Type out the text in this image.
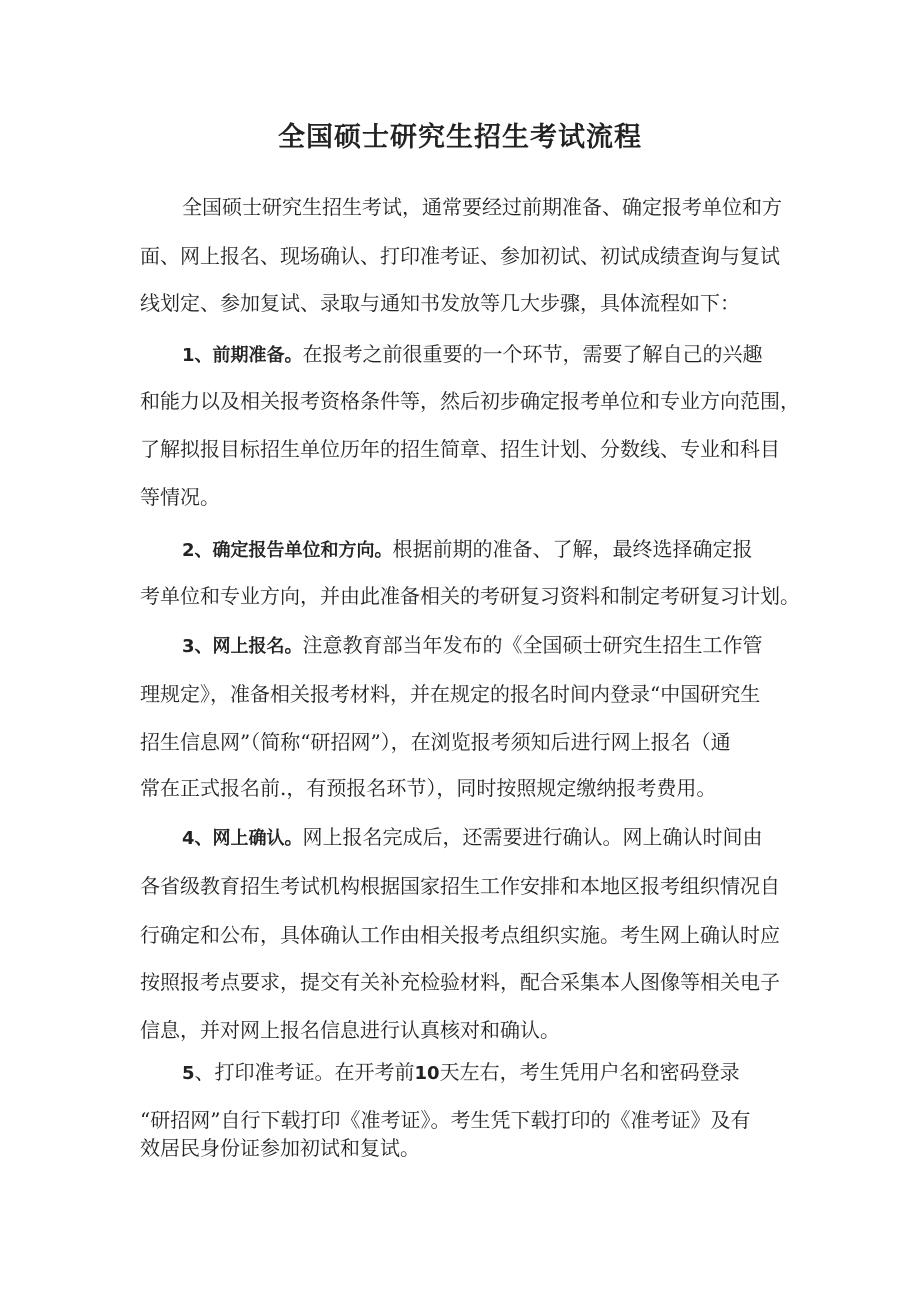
全国硕士研究生招生考试流程

全国硕士研究生招生考试，通常要经过前期准备、确定报考单位和方

面、网上报名、现场确认、打印准考证、参加初试、初试成绩查询与复试

线划定、参加复试、录取与通知书发放等几大步骤，具体流程如下：

1、前期准备。在报考之前很重要的一个环节，需要了解自己的兴趣

和能力以及相关报考资格条件等，然后初步确定报考单位和专业方向范围，

了解拟报目标招生单位历年的招生简章、招生计划、分数线、专业和科目

等情况。

2、确定报告单位和方向。根据前期的准备、了解，最终选择确定报

考单位和专业方向，并由此准备相关的考研复习资料和制定考研复习计划。

3、网上报名。注意教育部当年发布的《全国硕士研究生招生工作管

理规定》，准备相关报考材料，并在规定的报名时间内登录“中国研究生

招生信息网”（简称“研招网”），在浏览报考须知后进行网上报名（通

常在正式报名前.，有预报名环节），同时按照规定缴纳报考费用。

4、网上确认。网上报名完成后，还需要进行确认。网上确认时间由

各省级教育招生考试机构根据国家招生工作安排和本地区报考组织情况自

行确定和公布，具体确认工作由相关报考点组织实施。考生网上确认时应

按照报考点要求，提交有关补充检验材料，配合采集本人图像等相关电子

信息，并对网上报名信息进行认真核对和确认。

5、打印准考证。在开考前10天左右，考生凭用户名和密码登录

“研招网”自行下载打印《准考证》。考生凭下载打印的《准考证》及有

效居民身份证参加初试和复试。
